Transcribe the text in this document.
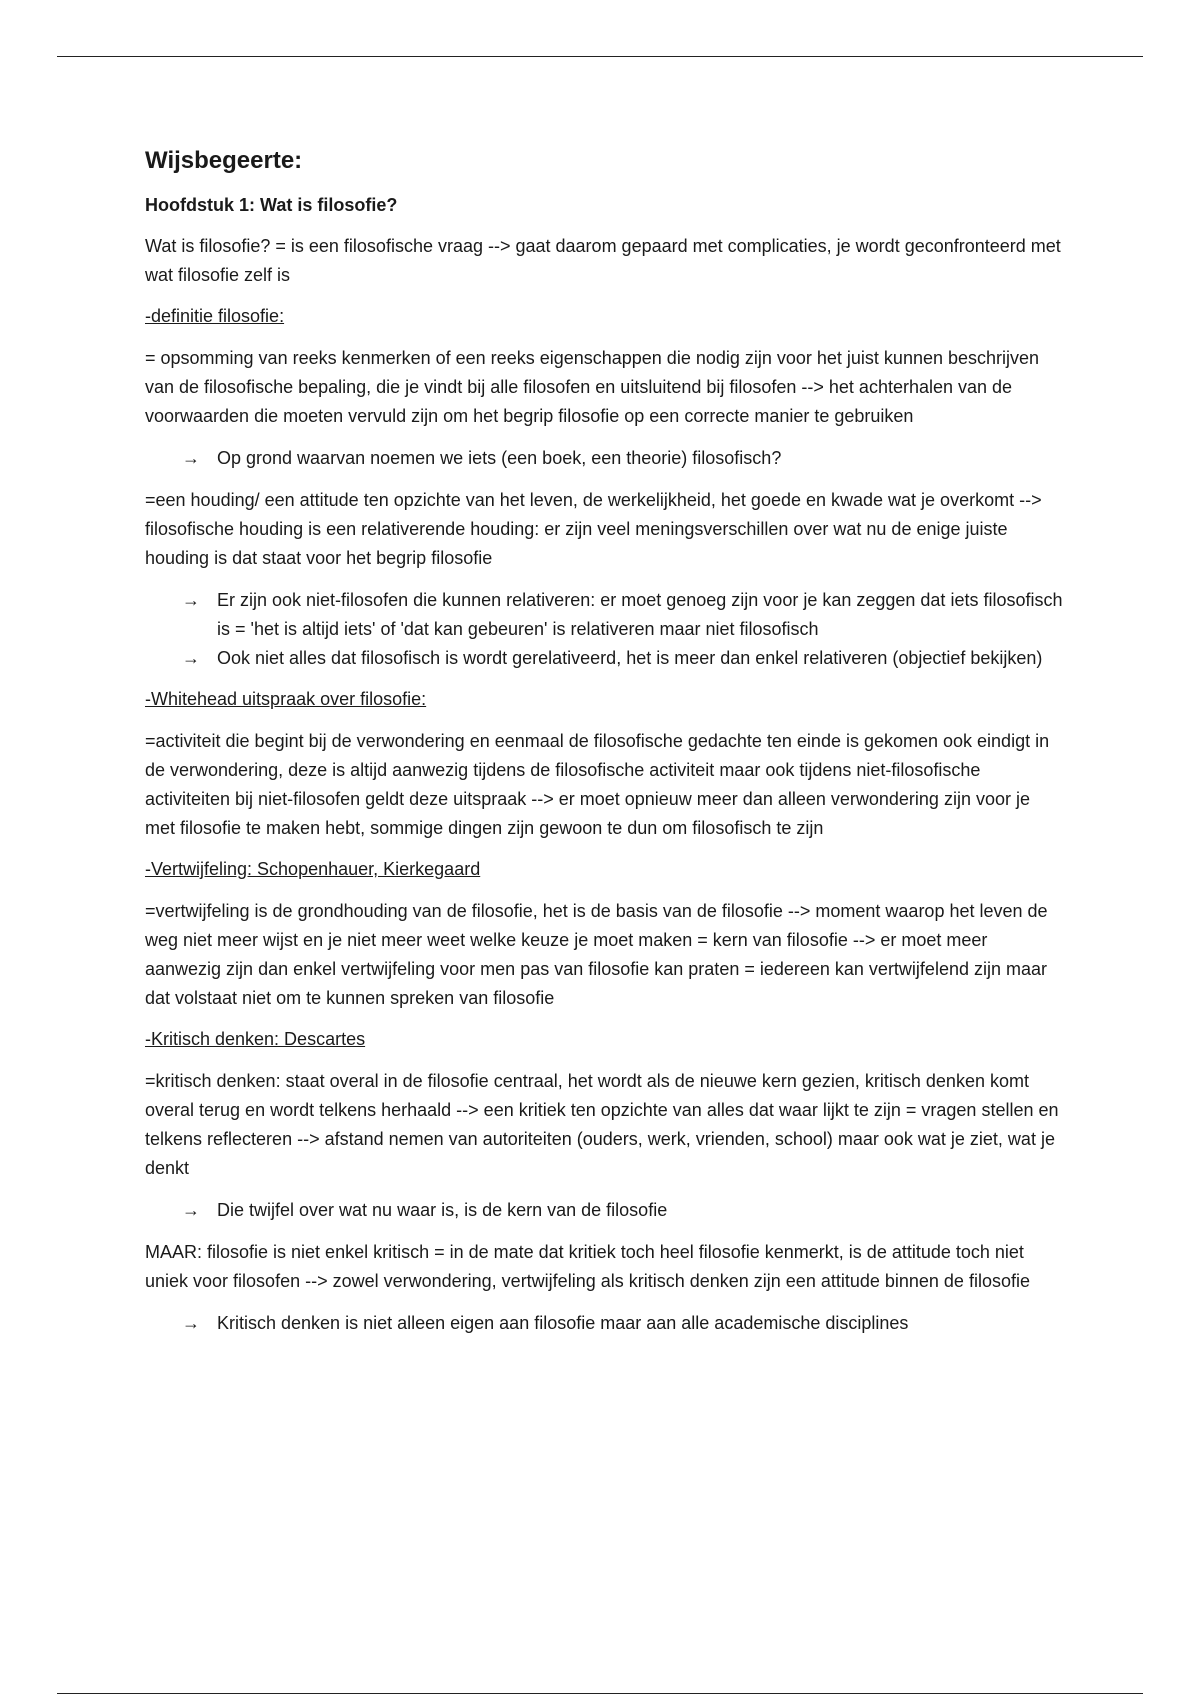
Wijsbegeerte:
Hoofdstuk 1: Wat is filosofie?
Wat is filosofie? = is een filosofische vraag --> gaat daarom gepaard met complicaties, je wordt geconfronteerd met wat filosofie zelf is
-definitie filosofie:
= opsomming van reeks kenmerken of een reeks eigenschappen die nodig zijn voor het juist kunnen beschrijven van de filosofische bepaling, die je vindt bij alle filosofen en uitsluitend bij filosofen --> het achterhalen van de voorwaarden die moeten vervuld zijn om het begrip filosofie op een correcte manier te gebruiken
→ Op grond waarvan noemen we iets (een boek, een theorie) filosofisch?
=een houding/ een attitude ten opzichte van het leven, de werkelijkheid, het goede en kwade wat je overkomt --> filosofische houding is een relativerende houding: er zijn veel meningsverschillen over wat nu de enige juiste houding is dat staat voor het begrip filosofie
→ Er zijn ook niet-filosofen die kunnen relativeren: er moet genoeg zijn voor je kan zeggen dat iets filosofisch is = 'het is altijd iets' of 'dat kan gebeuren' is relativeren maar niet filosofisch
→ Ook niet alles dat filosofisch is wordt gerelativeerd, het is meer dan enkel relativeren (objectief bekijken)
-Whitehead uitspraak over filosofie:
=activiteit die begint bij de verwondering en eenmaal de filosofische gedachte ten einde is gekomen ook eindigt in de verwondering, deze is altijd aanwezig tijdens de filosofische activiteit maar ook tijdens niet-filosofische activiteiten bij niet-filosofen geldt deze uitspraak --> er moet opnieuw meer dan alleen verwondering zijn voor je met filosofie te maken hebt, sommige dingen zijn gewoon te dun om filosofisch te zijn
-Vertwijfeling: Schopenhauer, Kierkegaard
=vertwijfeling is de grondhouding van de filosofie, het is de basis van de filosofie --> moment waarop het leven de weg niet meer wijst en je niet meer weet welke keuze je moet maken = kern van filosofie --> er moet meer aanwezig zijn dan enkel vertwijfeling voor men pas van filosofie kan praten = iedereen kan vertwijfelend zijn maar dat volstaat niet om te kunnen spreken van filosofie
-Kritisch denken: Descartes
=kritisch denken: staat overal in de filosofie centraal, het wordt als de nieuwe kern gezien, kritisch denken komt overal terug en wordt telkens herhaald --> een kritiek ten opzichte van alles dat waar lijkt te zijn = vragen stellen en telkens reflecteren --> afstand nemen van autoriteiten (ouders, werk, vrienden, school) maar ook wat je ziet, wat je denkt
→ Die twijfel over wat nu waar is, is de kern van de filosofie
MAAR: filosofie is niet enkel kritisch = in de mate dat kritiek toch heel filosofie kenmerkt, is de attitude toch niet uniek voor filosofen --> zowel verwondering, vertwijfeling als kritisch denken zijn een attitude binnen de filosofie
→ Kritisch denken is niet alleen eigen aan filosofie maar aan alle academische disciplines
